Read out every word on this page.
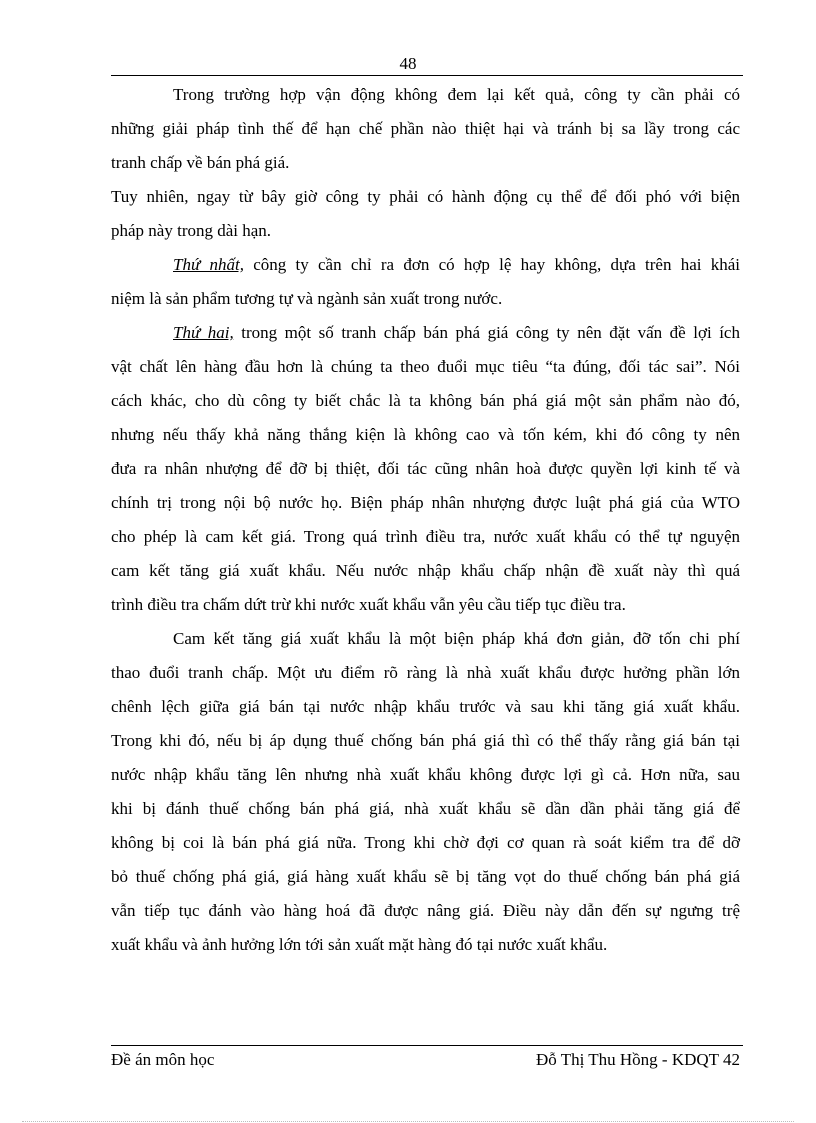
48

Trong trường hợp vận động không đem lại kết quả, công ty cần phải có
những giải pháp tình thế để hạn chế phần nào thiệt hại và tránh bị sa lầy trong các
tranh chấp về bán phá giá.

Tuy nhiên, ngay từ bây giờ công ty phải có hành động cụ thể để đối phó với biện
pháp này trong dài hạn.

Thứ nhất, công ty cần chỉ ra đơn có hợp lệ hay không, dựa trên hai khái
niệm là sản phẩm tương tự và ngành sản xuất trong nước.

Thứ hai, trong một số tranh chấp bán phá giá công ty nên đặt vấn đề lợi ích
vật chất lên hàng đầu hơn là chúng ta theo đuổi mục tiêu “ta đúng, đối tác sai”. Nói
cách khác, cho dù công ty biết chắc là ta không bán phá giá một sản phẩm nào đó,
nhưng nếu thấy khả năng thắng kiện là không cao và tốn kém, khi đó công ty nên
đưa ra nhân nhượng để đỡ bị thiệt, đối tác cũng nhân hoà được quyền lợi kinh tế và
chính trị trong nội bộ nước họ. Biện pháp nhân nhượng được luật phá giá của WTO
cho phép là cam kết giá. Trong quá trình điều tra, nước xuất khẩu có thể tự nguyện
cam kết tăng giá xuất khẩu. Nếu nước nhập khẩu chấp nhận đề xuất này thì quá
trình điều tra chấm dứt trừ khi nước xuất khẩu vẫn yêu cầu tiếp tục điều tra.

Cam kết tăng giá xuất khẩu là một biện pháp khá đơn giản, đỡ tốn chi phí
thao đuổi tranh chấp. Một ưu điểm rõ ràng là nhà xuất khẩu được hưởng phần lớn
chênh lệch giữa giá bán tại nước nhập khẩu trước và sau khi tăng giá xuất khẩu.
Trong khi đó, nếu bị áp dụng thuế chống bán phá giá thì có thể thấy rằng giá bán tại
nước nhập khẩu tăng lên nhưng nhà xuất khẩu không được lợi gì cả. Hơn nữa, sau
khi bị đánh thuế chống bán phá giá, nhà xuất khẩu sẽ dần dần phải tăng giá để
không bị coi là bán phá giá nữa. Trong khi chờ đợi cơ quan rà soát kiểm tra để dỡ
bỏ thuế chống phá giá, giá hàng xuất khẩu sẽ bị tăng vọt do thuế chống bán phá giá
vẫn tiếp tục đánh vào hàng hoá đã được nâng giá. Điều này dẫn đến sự ngưng trệ
xuất khẩu và ảnh hưởng lớn tới sản xuất mặt hàng đó tại nước xuất khẩu.

Đề án môn học	Đỗ Thị Thu Hồng - KDQT 42
